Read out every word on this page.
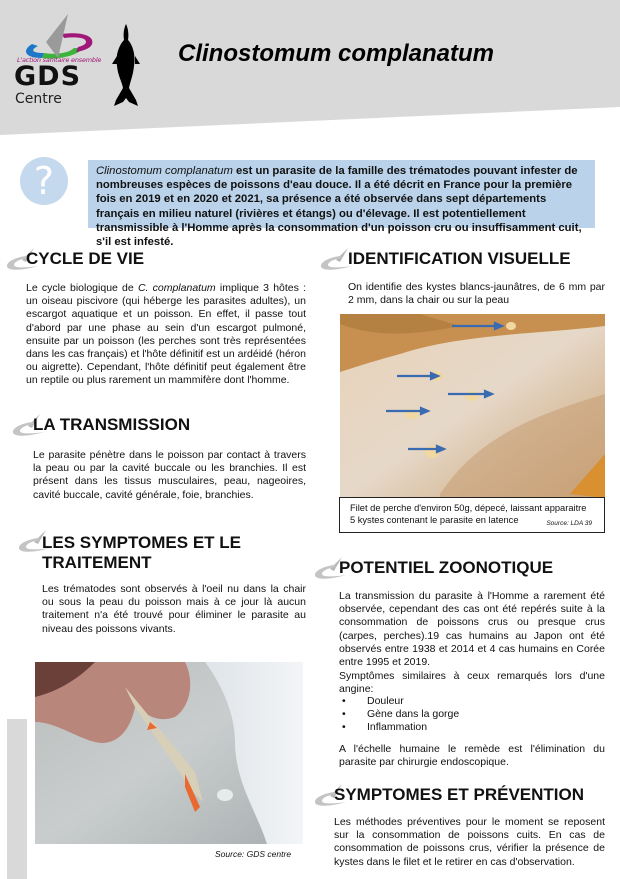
L'action sanitaire ensemble
GDS
Centre
Clinostomum complanatum
?	Clinostomum complanatum est un parasite de la famille des trématodes pouvant infester de nombreuses espèces de poissons d'eau douce. Il a été décrit en France pour la première fois en 2019 et en 2020 et 2021, sa présence a été observée dans sept départements français en milieu naturel (rivières et étangs) ou d'élevage. Il est potentiellement transmissible à l'Homme après la consommation d'un poisson cru ou insuffisamment cuit, s'il est infesté.
CYCLE DE VIE

Le cycle biologique de C. complanatum implique 3 hôtes : un oiseau piscivore (qui héberge les parasites adultes), un escargot aquatique et un poisson. En effet, il passe tout d'abord par une phase au sein d'un escargot pulmoné, ensuite par un poisson (les perches sont très représentées dans les cas français) et l'hôte définitif est un ardéidé (héron ou aigrette). Cependant, l'hôte définitif peut également être un reptile ou plus rarement un mammifère dont l'homme.

LA TRANSMISSION

Le parasite pénètre dans le poisson par contact à travers la peau ou par la cavité buccale ou les branchies. Il est présent dans les tissus musculaires, peau, nageoires, cavité buccale, cavité générale, foie, branchies.

LES SYMPTOMES ET LE TRAITEMENT

Les trématodes sont observés à l'oeil nu dans la chair ou sous la peau du poisson mais à ce jour là aucun traitement n'a été trouvé pour éliminer le parasite au niveau des poissons vivants.

Source: GDS centre
IDENTIFICATION VISUELLE

On identifie des kystes blancs-jaunâtres, de 6 mm par 2 mm, dans la chair ou sur la peau

Filet de perche d'environ 50g, dépecé, laissant apparaitre
5 kystes contenant le parasite en latence	Source: LDA 39
POTENTIEL ZOONOTIQUE

La transmission du parasite à l'Homme a rarement été observée, cependant des cas ont été repérés suite à la consommation de poissons crus ou presque crus (carpes, perches).19 cas humains au Japon ont été observés entre 1938 et 2014 et 4 cas humains en Corée entre 1995 et 2019.

Symptômes similaires à ceux remarqués lors d'une angine:

• Douleur
• Gène dans la gorge
• Inflammation

A l'échelle humaine le remède est l'élimination du parasite par chirurgie endoscopique.

SYMPTOMES ET PRÉVENTION

Les méthodes préventives pour le moment se reposent sur la consommation de poissons cuits. En cas de consommation de poissons crus, vérifier la présence de kystes dans le filet et le retirer en cas d'observation.
